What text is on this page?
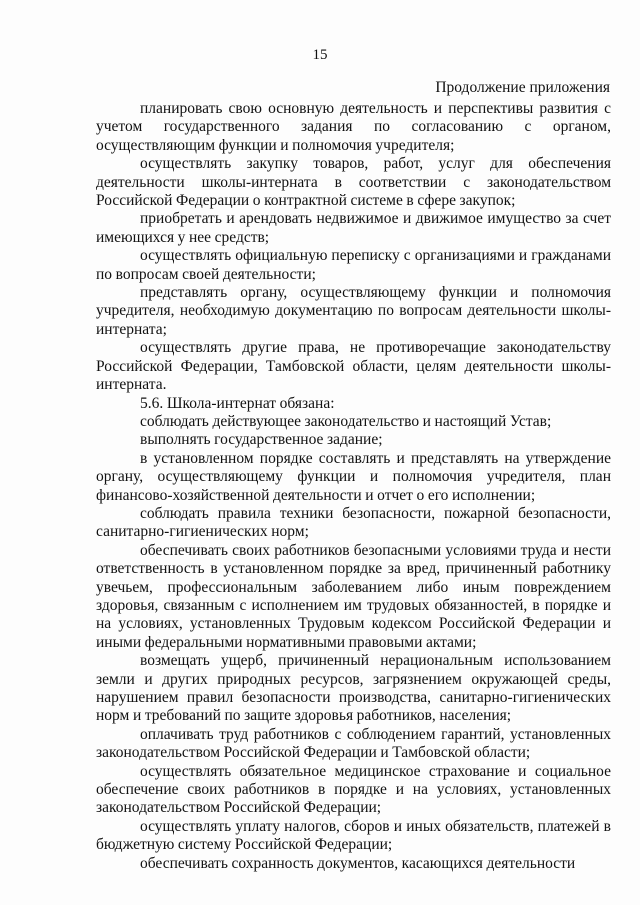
15
Продолжение приложения

планировать свою основную деятельность и перспективы развития с учетом государственного задания по согласованию с органом, осуществляющим функции и полномочия учредителя;

осуществлять закупку товаров, работ, услуг для обеспечения деятельности школы-интерната в соответствии с законодательством Российской Федерации о контрактной системе в сфере закупок;

приобретать и арендовать недвижимое и движимое имущество за счет имеющихся у нее средств;

осуществлять официальную переписку с организациями и гражданами по вопросам своей деятельности;

представлять органу, осуществляющему функции и полномочия учредителя, необходимую документацию по вопросам деятельности школы-интерната;

осуществлять другие права, не противоречащие законодательству Российской Федерации, Тамбовской области, целям деятельности школы-интерната.

5.6. Школа-интернат обязана:

соблюдать действующее законодательство и настоящий Устав;

выполнять государственное задание;

в установленном порядке составлять и представлять на утверждение органу, осуществляющему функции и полномочия учредителя, план финансово-хозяйственной деятельности и отчет о его исполнении;

соблюдать правила техники безопасности, пожарной безопасности, санитарно-гигиенических норм;

обеспечивать своих работников безопасными условиями труда и нести ответственность в установленном порядке за вред, причиненный работнику увечьем, профессиональным заболеванием либо иным повреждением здоровья, связанным с исполнением им трудовых обязанностей, в порядке и на условиях, установленных Трудовым кодексом Российской Федерации и иными федеральными нормативными правовыми актами;

возмещать ущерб, причиненный нерациональным использованием земли и других природных ресурсов, загрязнением окружающей среды, нарушением правил безопасности производства, санитарно-гигиенических норм и требований по защите здоровья работников, населения;

оплачивать труд работников с соблюдением гарантий, установленных законодательством Российской Федерации и Тамбовской области;

осуществлять обязательное медицинское страхование и социальное обеспечение своих работников в порядке и на условиях, установленных законодательством Российской Федерации;

осуществлять уплату налогов, сборов и иных обязательств, платежей в бюджетную систему Российской Федерации;

обеспечивать сохранность документов, касающихся деятельности
